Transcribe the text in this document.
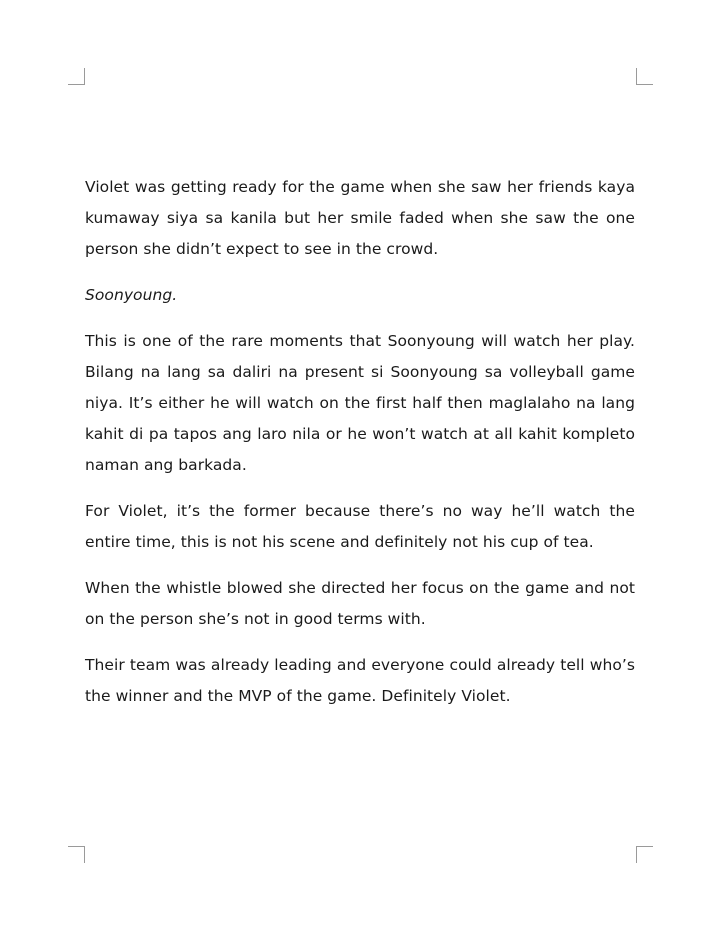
Violet was getting ready for the game when she saw her friends kaya kumaway siya sa kanila but her smile faded when she saw the one person she didn’t expect to see in the crowd.

Soonyoung.

This is one of the rare moments that Soonyoung will watch her play. Bilang na lang sa daliri na present si Soonyoung sa volleyball game niya. It’s either he will watch on the first half then maglalaho na lang kahit di pa tapos ang laro nila or he won’t watch at all kahit kompleto naman ang barkada.

For Violet, it’s the former because there’s no way he’ll watch the entire time, this is not his scene and definitely not his cup of tea.

When the whistle blowed she directed her focus on the game and not on the person she’s not in good terms with.

Their team was already leading and everyone could already tell who’s the winner and the MVP of the game. Definitely Violet.
